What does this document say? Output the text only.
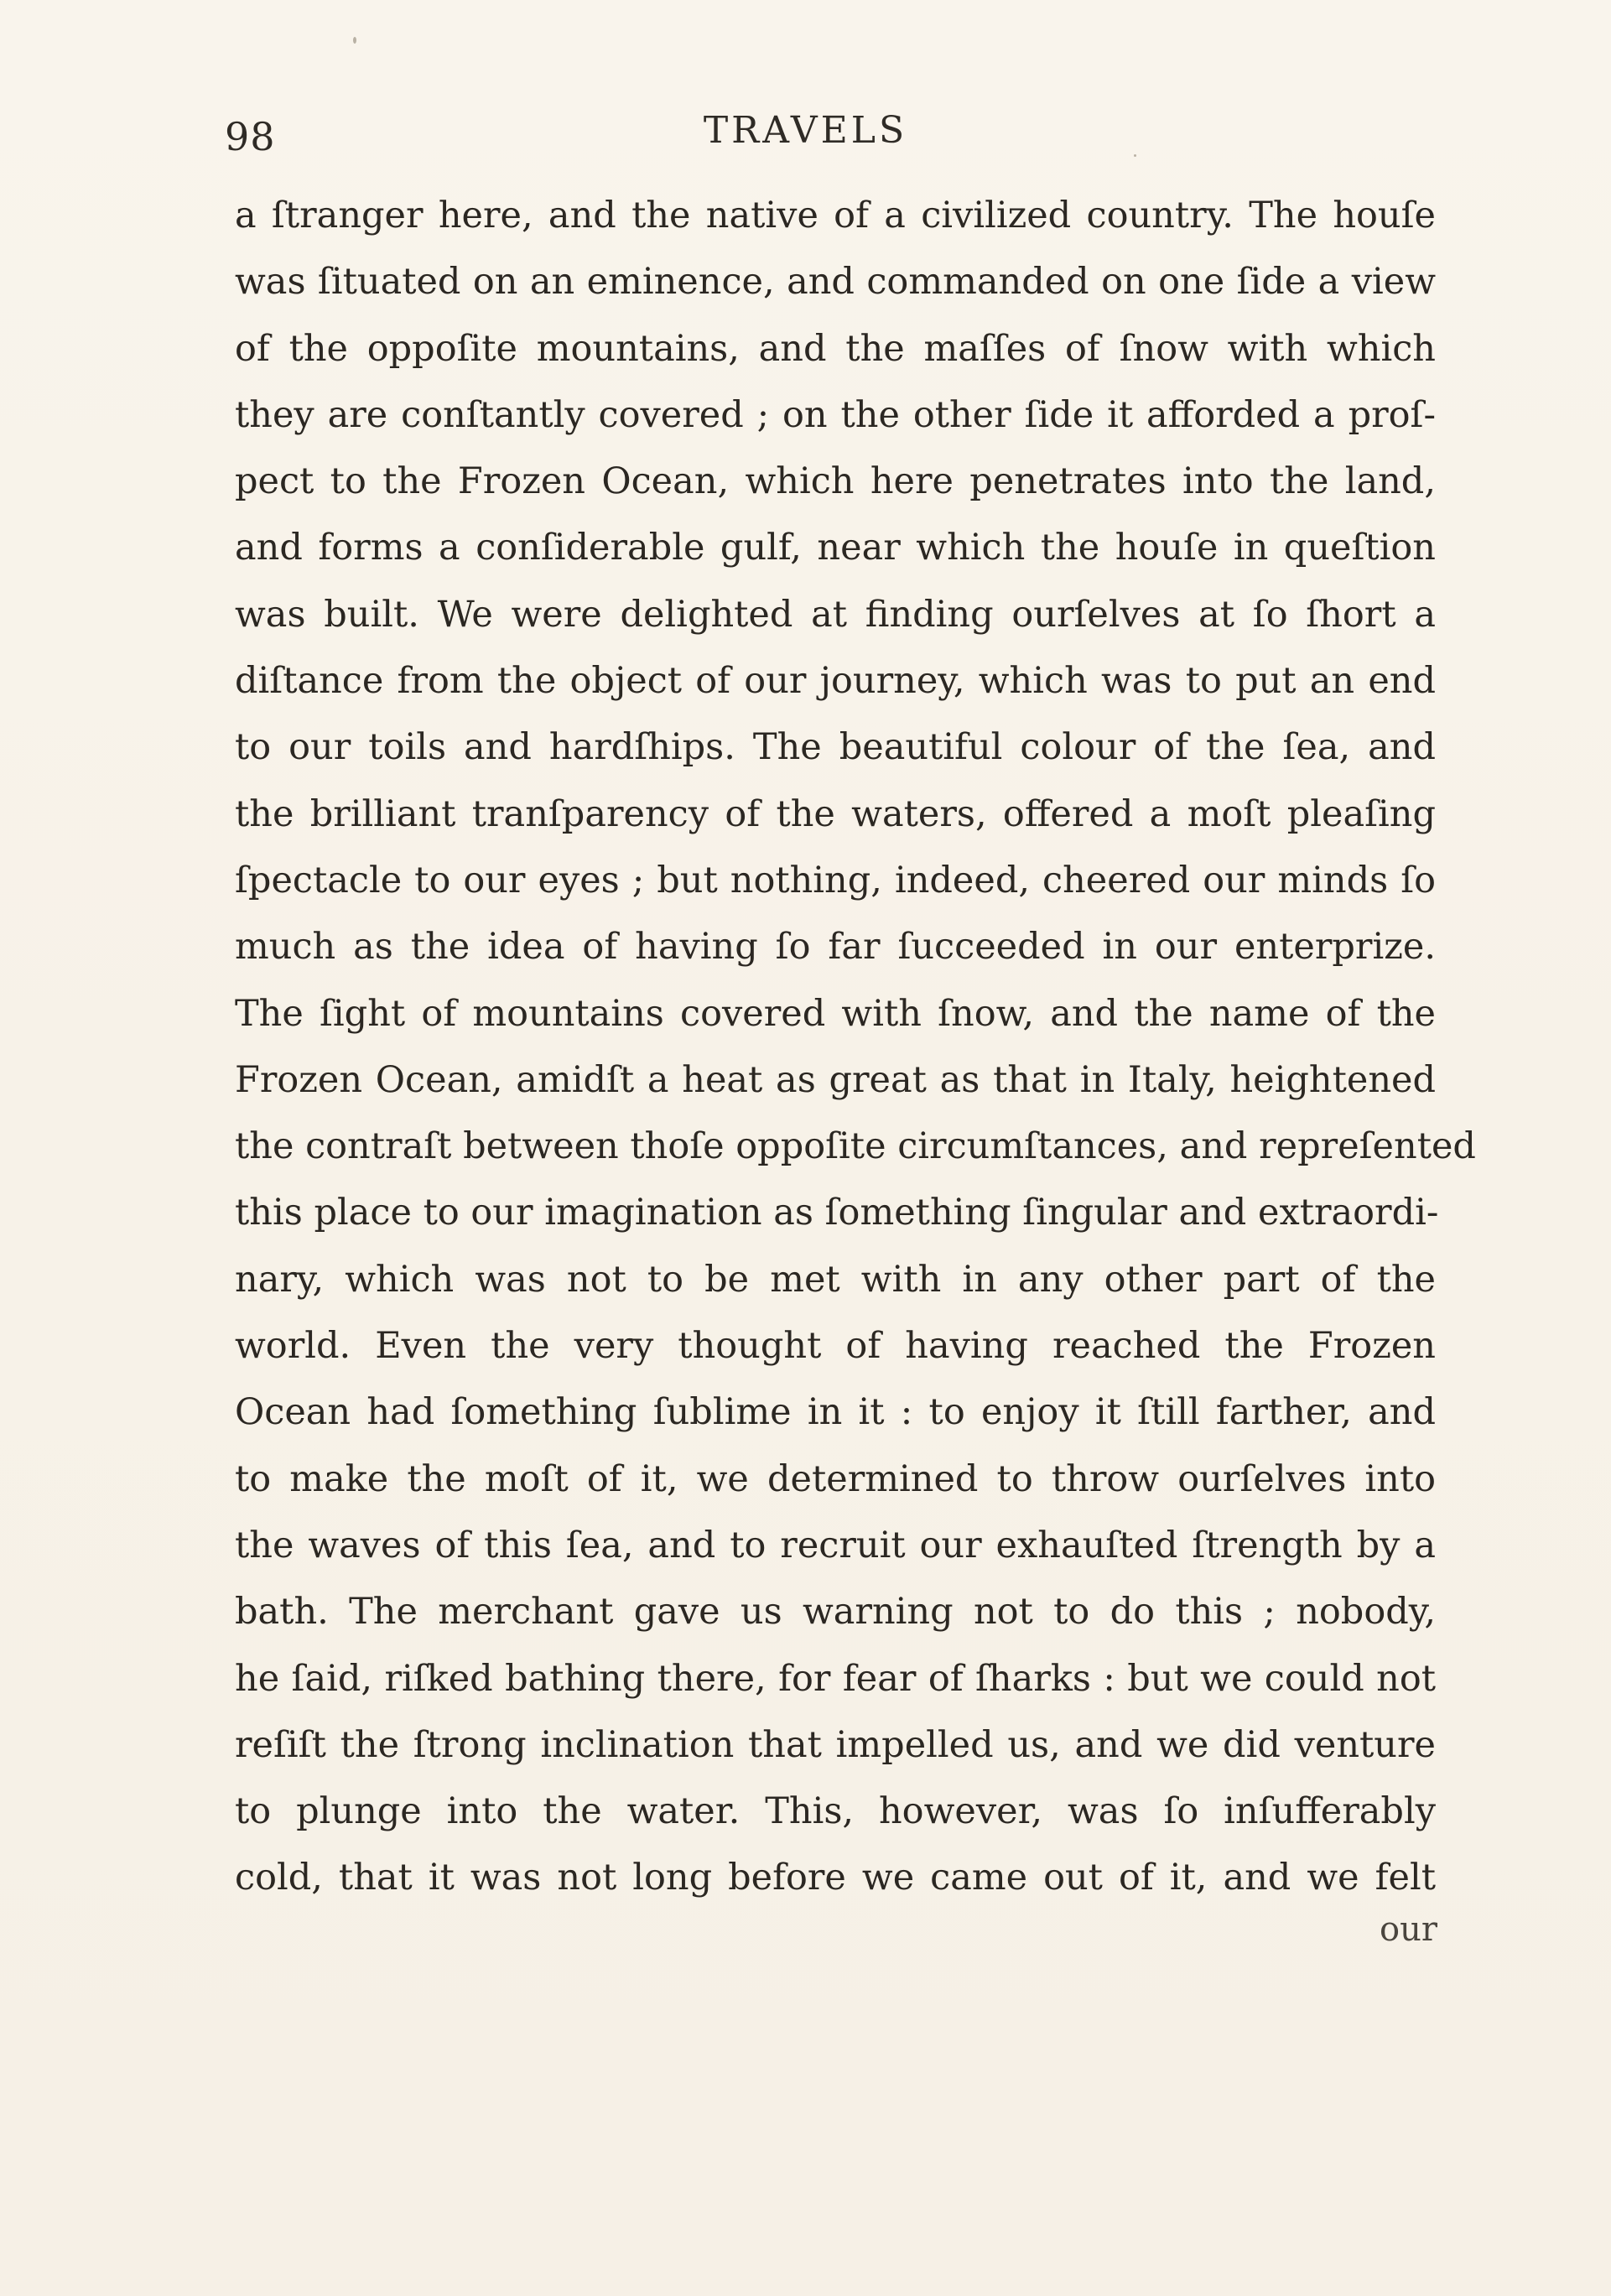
98	TRAVELS
a ſtranger here, and the native of a civilized country. The houſe
was ſituated on an eminence, and commanded on one ſide a view
of the oppoſite mountains, and the maſſes of ſnow with which
they are conſtantly covered ; on the other ſide it afforded a proſ-
pect to the Frozen Ocean, which here penetrates into the land,
and forms a conſiderable gulf, near which the houſe in queſtion
was built. We were delighted at finding ourſelves at ſo ſhort a
diſtance from the object of our journey, which was to put an end
to our toils and hardſhips. The beautiful colour of the ſea, and
the brilliant tranſparency of the waters, offered a moſt pleaſing
ſpectacle to our eyes ; but nothing, indeed, cheered our minds ſo
much as the idea of having ſo far ſucceeded in our enterprize.
The ſight of mountains covered with ſnow, and the name of the
Frozen Ocean, amidſt a heat as great as that in Italy, heightened
the contraſt between thoſe oppoſite circumſtances, and repreſented
this place to our imagination as ſomething ſingular and extraordi-
nary, which was not to be met with in any other part of the
world. Even the very thought of having reached the Frozen
Ocean had ſomething ſublime in it : to enjoy it ſtill farther, and
to make the moſt of it, we determined to throw ourſelves into
the waves of this ſea, and to recruit our exhauſted ſtrength by a
bath. The merchant gave us warning not to do this ; nobody,
he ſaid, riſked bathing there, for fear of ſharks : but we could not
reſiſt the ſtrong inclination that impelled us, and we did venture
to plunge into the water. This, however, was ſo inſufferably
cold, that it was not long before we came out of it, and we felt
our
